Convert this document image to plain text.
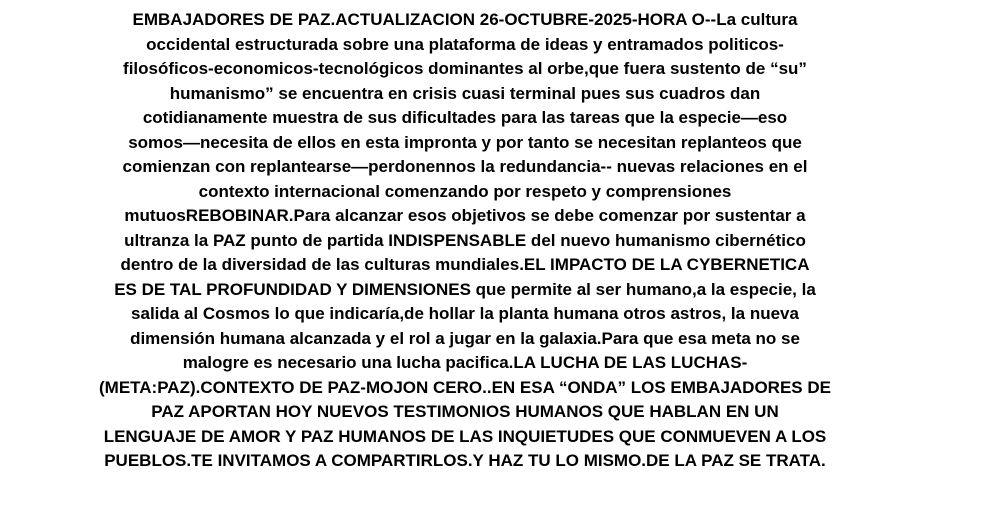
EMBAJADORES DE PAZ.ACTUALIZACION 26-OCTUBRE-2025-HORA O--La cultura
occidental estructurada sobre una plataforma de ideas y entramados politicos-
filosóficos-economicos-tecnológicos dominantes al orbe,que fuera sustento de “su”
humanismo” se encuentra en crisis cuasi terminal pues sus cuadros dan
cotidianamente muestra de sus dificultades para las tareas que la especie—eso
somos—necesita de ellos en esta impronta y por tanto se necesitan replanteos que
comienzan con replantearse—perdonennos la redundancia-- nuevas relaciones en el
contexto internacional comenzando por respeto y comprensiones
mutuosREBOBINAR.Para alcanzar esos objetivos se debe comenzar por sustentar a
ultranza la PAZ punto de partida INDISPENSABLE del nuevo humanismo cibernético
dentro de la diversidad de las culturas mundiales.EL IMPACTO DE LA CYBERNETICA
ES DE TAL PROFUNDIDAD Y DIMENSIONES que permite al ser humano,a la especie, la
salida al Cosmos lo que indicaría,de hollar la planta humana otros astros, la nueva
dimensión humana alcanzada y el rol a jugar en la galaxia.Para que esa meta no se
malogre es necesario una lucha pacifica.LA LUCHA DE LAS LUCHAS-
(META:PAZ).CONTEXTO DE PAZ-MOJON CERO..EN ESA “ONDA” LOS EMBAJADORES DE
PAZ APORTAN HOY NUEVOS TESTIMONIOS HUMANOS QUE HABLAN EN UN
LENGUAJE DE AMOR Y PAZ HUMANOS DE LAS INQUIETUDES QUE CONMUEVEN A LOS
PUEBLOS.TE INVITAMOS A COMPARTIRLOS.Y HAZ TU LO MISMO.DE LA PAZ SE TRATA.
